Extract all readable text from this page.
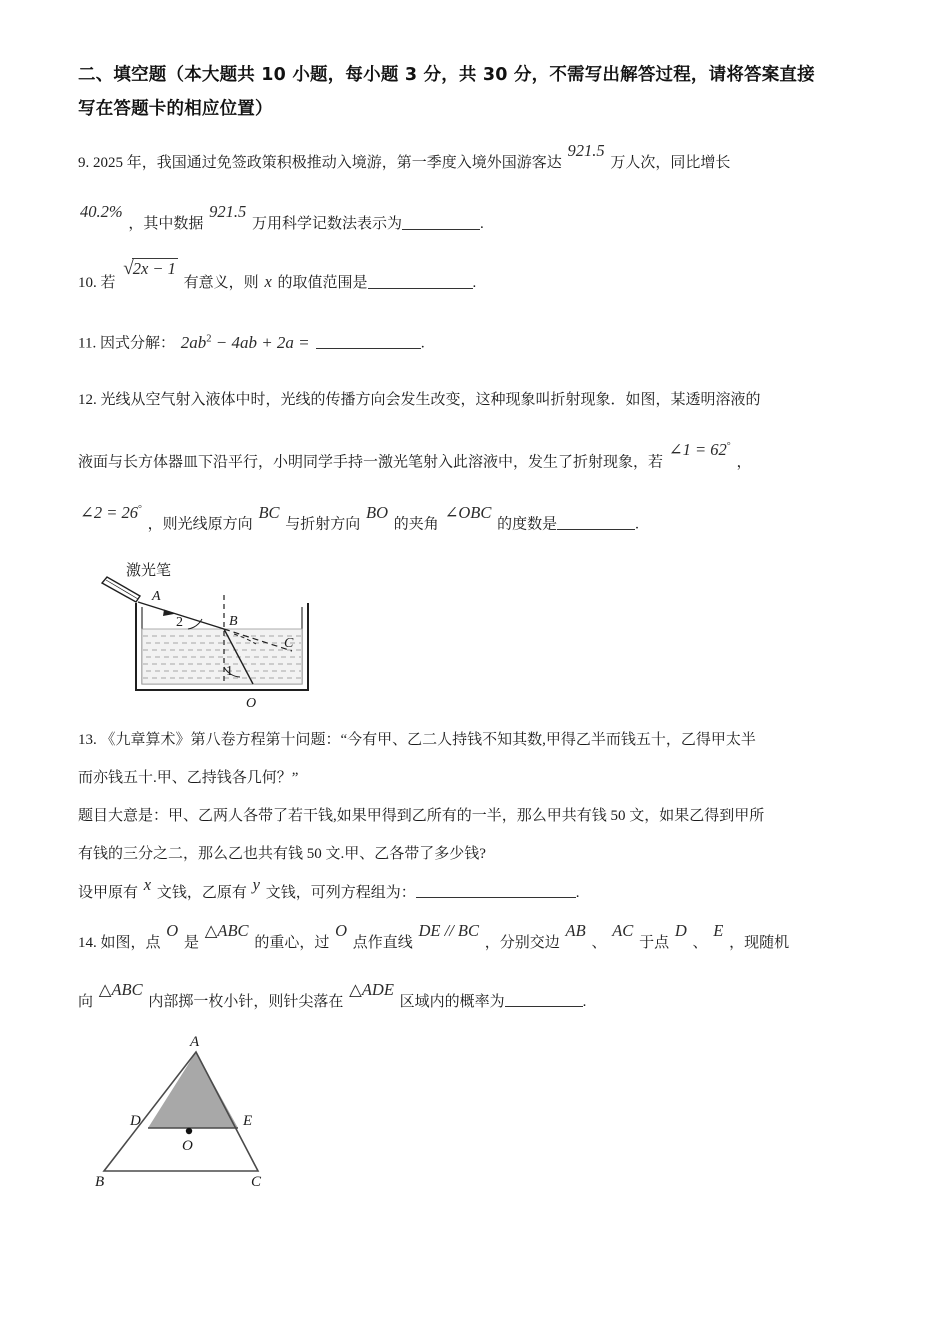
二、填空题（本大题共 10 小题，每小题 3 分，共 30 分，不需写出解答过程，请将答案直接
写在答题卡的相应位置）
9. 2025 年，我国通过免签政策积极推动入境游，第一季度入境外国游客达 921.5 万人次，同比增长
40.2% ，其中数据 921.5 万用科学记数法表示为	.
10. 若 √2x − 1 有意义，则 x 的取值范围是	.
11. 因式分解： $2ab^2 - 4ab + 2a$ =	.
12. 光线从空气射入液体中时，光线的传播方向会发生改变，这种现象叫折射现象．如图，某透明溶液的
液面与长方体器皿下沿平行，小明同学手持一激光笔射入此溶液中，发生了折射现象，若 ∠1 = 62° ，
∠2 = 26° ，则光线原方向 BC 与折射方向 BO 的夹角 ∠OBC 的度数是	.
激光笔
A
B
C
O
2
1
13. 《九章算术》第八卷方程第十问题：“今有甲、乙二人持钱不知其数,甲得乙半而钱五十，乙得甲太半
而亦钱五十.甲、乙持钱各几何？”
题目大意是：甲、乙两人各带了若干钱,如果甲得到乙所有的一半，那么甲共有钱 50 文，如果乙得到甲所
有钱的三分之二，那么乙也共有钱 50 文.甲、乙各带了多少钱?
设甲原有 x 文钱，乙原有 y 文钱，可列方程组为：	.
14. 如图，点 O 是 △ABC 的重心，过 O 点作直线 DE // BC ，分别交边 AB 、 AC 于点 D 、 E ，现随机
向 △ABC 内部掷一枚小针，则针尖落在 △ADE 区域内的概率为	.
A
D	E
O
B	C
